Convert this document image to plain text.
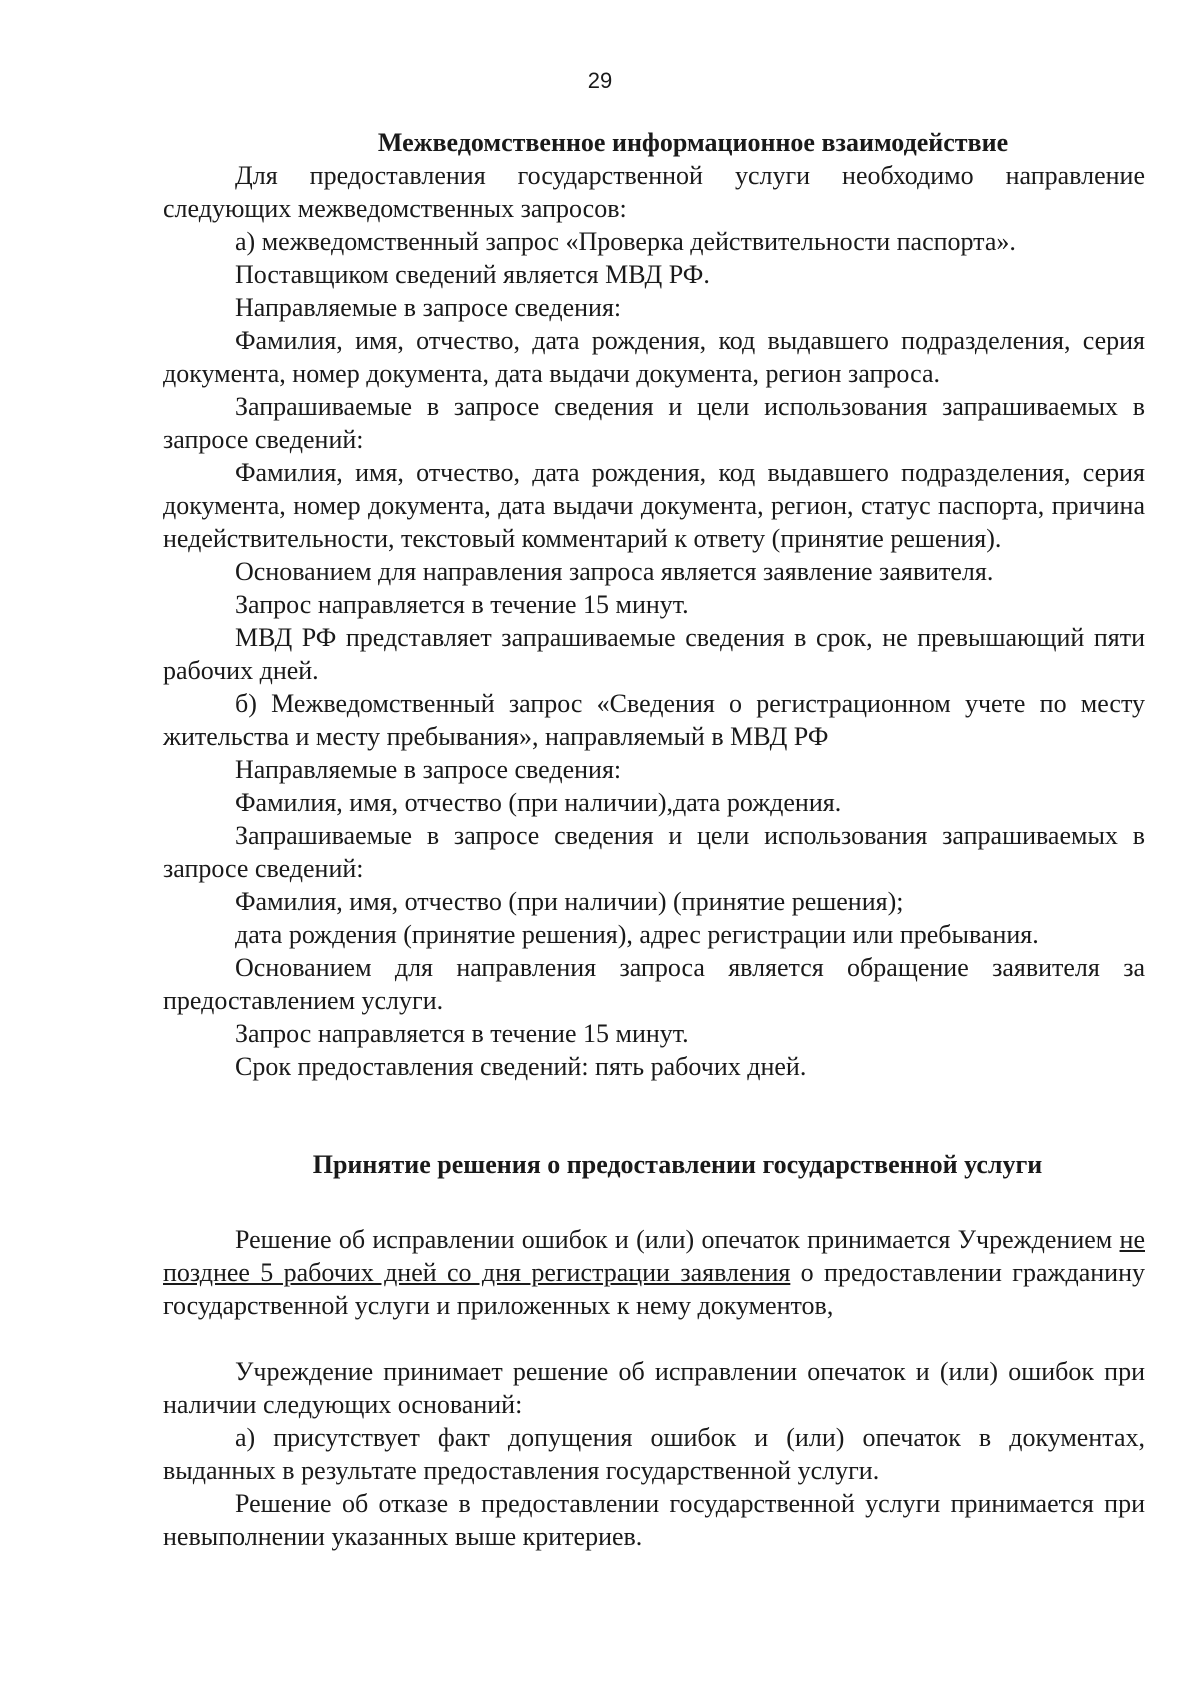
29
Межведомственное информационное взаимодействие

Для предоставления государственной услуги необходимо направление следующих межведомственных запросов:

а) межведомственный запрос «Проверка действительности паспорта».

Поставщиком сведений является МВД РФ.

Направляемые в запросе сведения:

Фамилия, имя, отчество, дата рождения, код выдавшего подразделения, серия документа, номер документа, дата выдачи документа, регион запроса.

Запрашиваемые в запросе сведения и цели использования запрашиваемых в запросе сведений:

Фамилия, имя, отчество, дата рождения, код выдавшего подразделения, серия документа, номер документа, дата выдачи документа, регион, статус паспорта, причина недействительности, текстовый комментарий к ответу (принятие решения).

Основанием для направления запроса является заявление заявителя.

Запрос направляется в течение 15 минут.

МВД РФ представляет запрашиваемые сведения в срок, не превышающий пяти рабочих дней.

б) Межведомственный запрос «Сведения о регистрационном учете по месту жительства и месту пребывания», направляемый в МВД РФ

Направляемые в запросе сведения:

Фамилия, имя, отчество (при наличии),дата рождения.

Запрашиваемые в запросе сведения и цели использования запрашиваемых в запросе сведений:

Фамилия, имя, отчество (при наличии) (принятие решения);

дата рождения (принятие решения), адрес регистрации или пребывания.

Основанием для направления запроса является обращение заявителя за предоставлением услуги.

Запрос направляется в течение 15 минут.

Срок предоставления сведений: пять рабочих дней.

Принятие решения о предоставлении государственной услуги

Решение об исправлении ошибок и (или) опечаток принимается Учреждением не позднее 5 рабочих дней со дня регистрации заявления о предоставлении гражданину государственной услуги и приложенных к нему документов,

Учреждение принимает решение об исправлении опечаток и (или) ошибок при наличии следующих оснований:

а) присутствует факт допущения ошибок и (или) опечаток в документах, выданных в результате предоставления государственной услуги.

Решение об отказе в предоставлении государственной услуги принимается при невыполнении указанных выше критериев.
